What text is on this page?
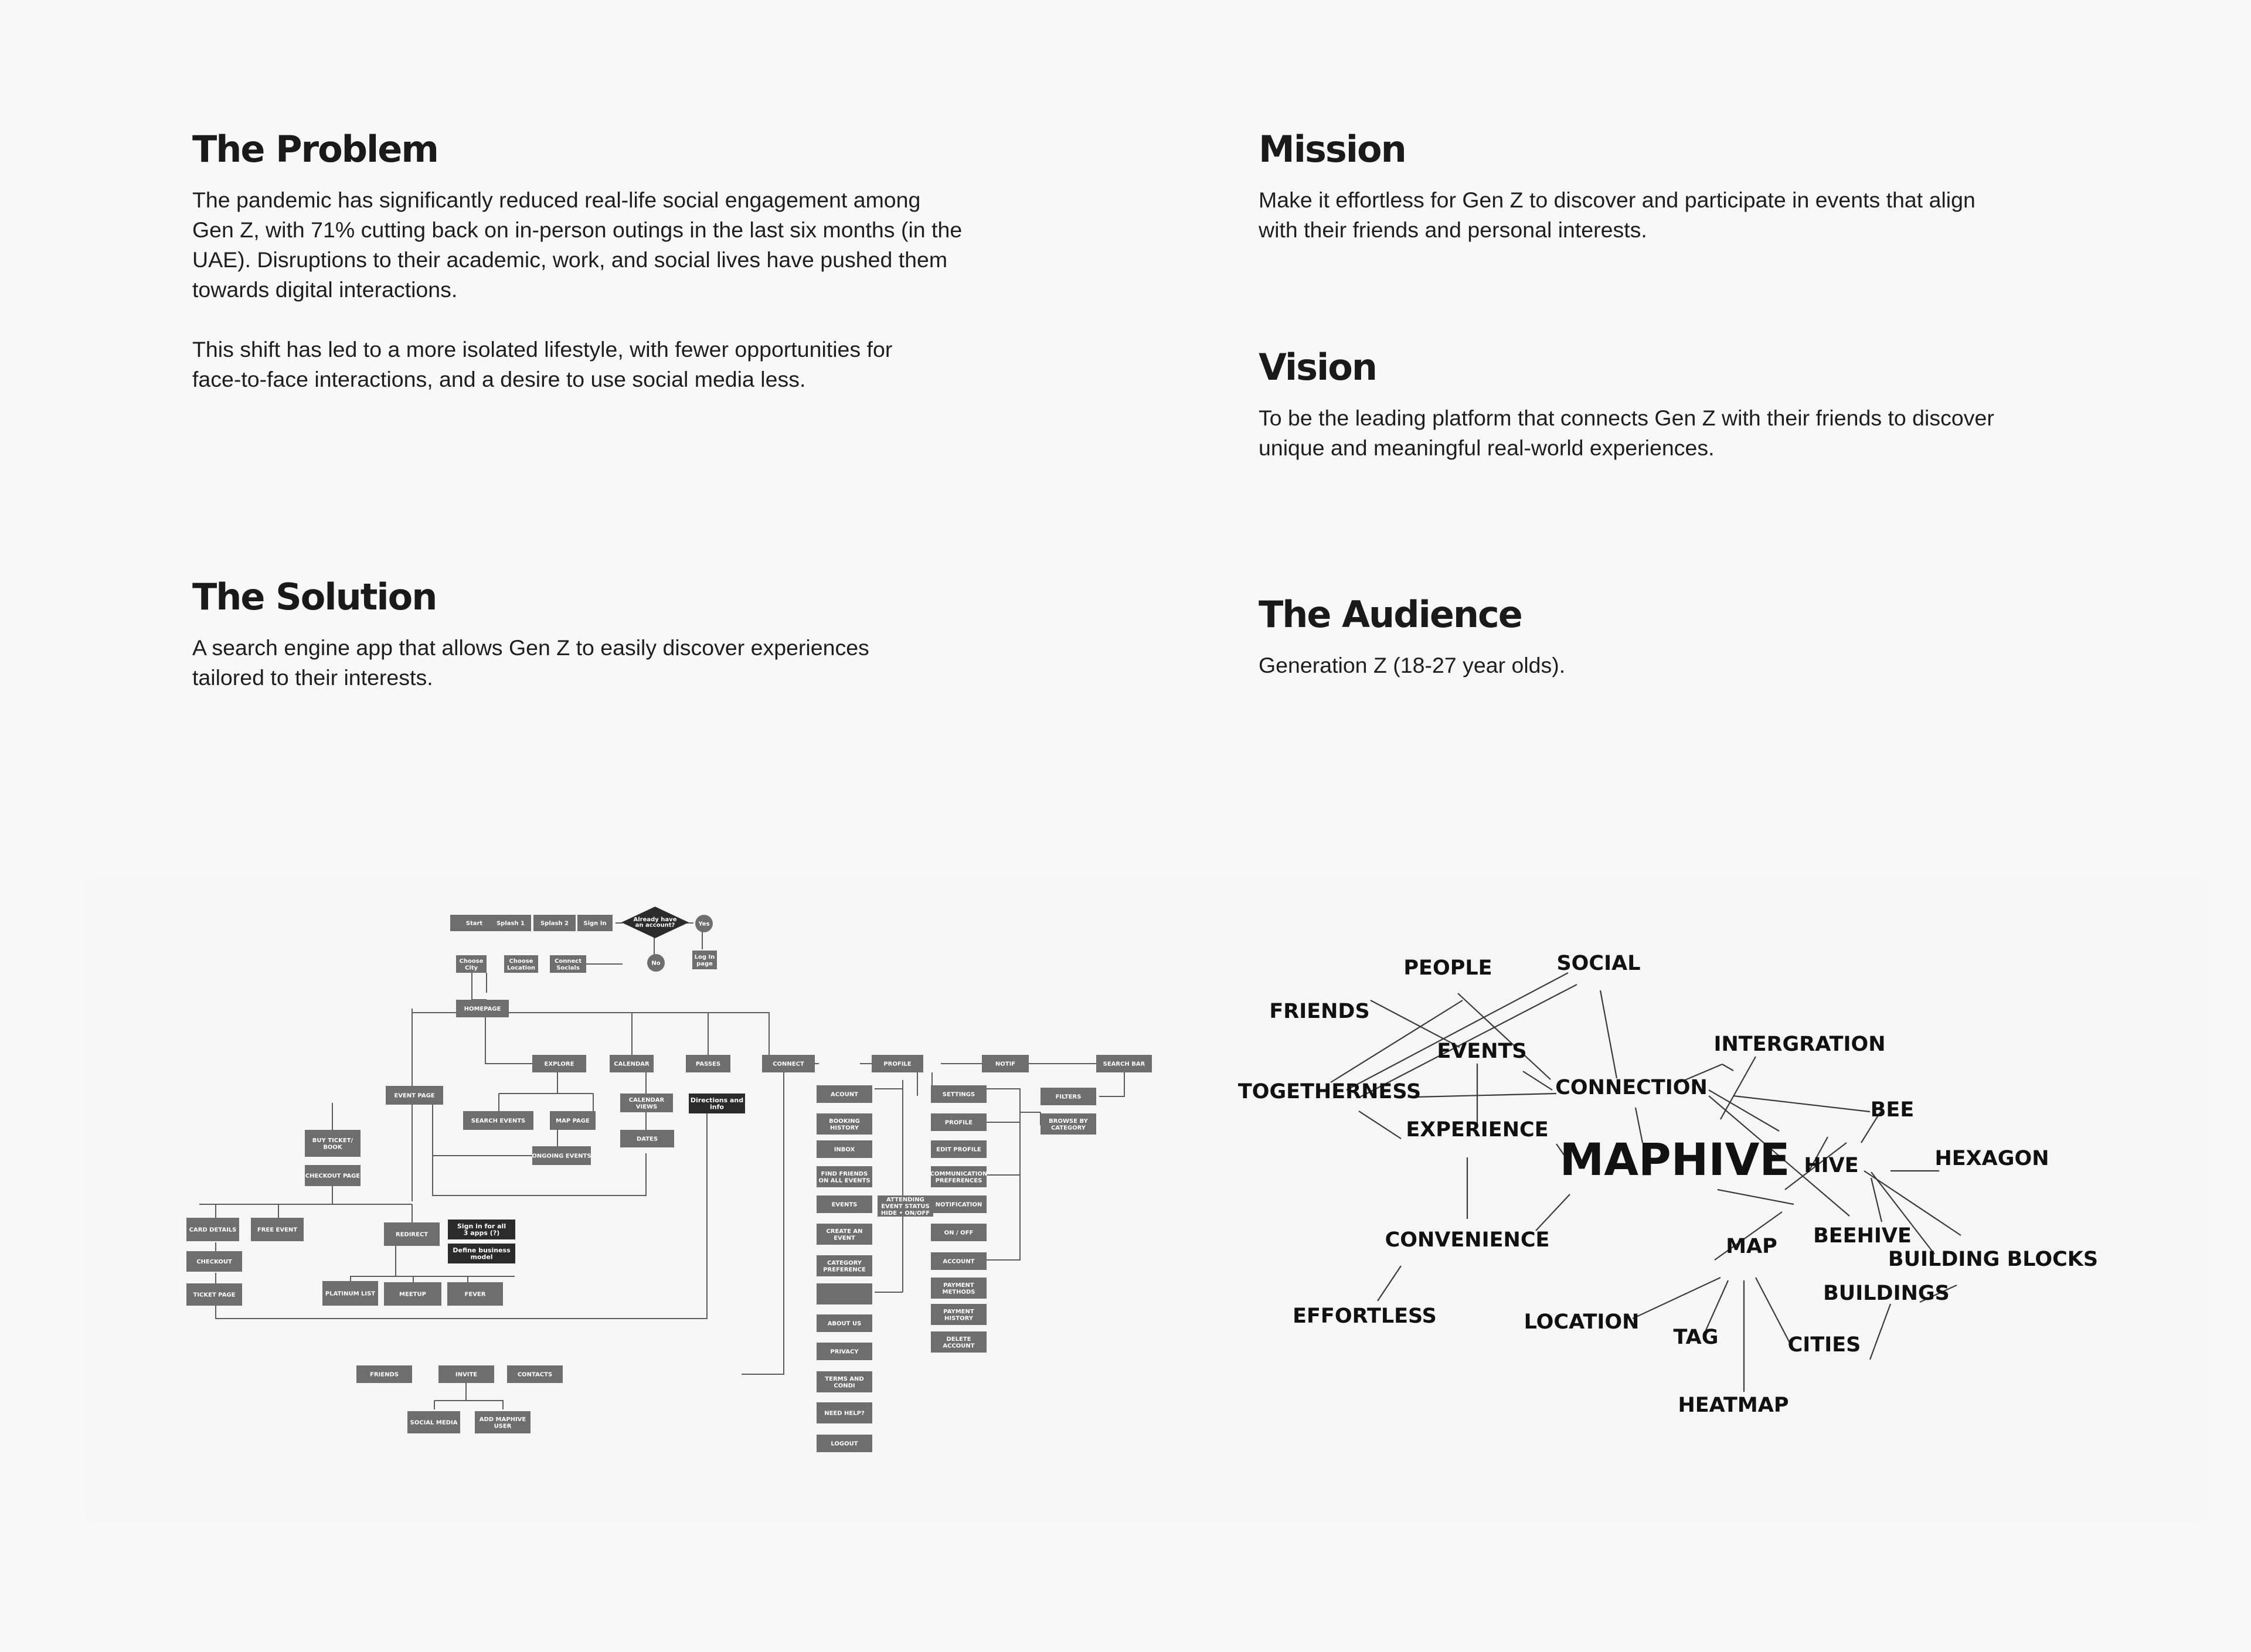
The Problem

The pandemic has significantly reduced real-life social engagement among
Gen Z, with 71% cutting back on in-person outings in the last six months (in the
UAE). Disruptions to their academic, work, and social lives have pushed them
towards digital interactions.

This shift has led to a more isolated lifestyle, with fewer opportunities for
face-to-face interactions, and a desire to use social media less.

The Solution

A search engine app that allows Gen Z to easily discover experiences
tailored to their interests.

Mission

Make it effortless for Gen Z to discover and participate in events that align
with their friends and personal interests.

Vision

To be the leading platform that connects Gen Z with their friends to discover
unique and meaningful real-world experiences.

The Audience

Generation Z (18-27 year olds).

Start Splash 1	Splash 2	Sign In
Already have an account?	Yes
No
Log In page
Choose City
Choose Location
Connect Socials
HOMEPAGE
EXPLORE	CALENDAR	PASSES	CONNECT	PROFILE	NOTIF	SEARCH BAR
EVENT PAGE
SEARCH EVENTS	MAP PAGE
ONGOING EVENTS
CALENDAR VIEWS
DATES
Directions and info
BUY TICKET/ BOOK
CHECKOUT PAGE
CARD DETAILS	FREE EVENT
CHECKOUT
TICKET PAGE
REDIRECT
Sign in for all 3 apps (?)
Define business model
PLATINUM LIST	MEETUP	FEVER
ACOUNT
BOOKING HISTORY
INBOX
FIND FRIENDS ON ALL EVENTS
EVENTS
ATTENDING EVENT STATUS HIDE • ON/OFF
CREATE AN EVENT
CATEGORY PREFERENCE
ABOUT US
PRIVACY
TERMS AND CONDI
NEED HELP?
LOGOUT
SETTINGS
PROFILE
EDIT PROFILE
COMMUNICATION PREFERENCES
NOTIFICATION
ON / OFF
ACCOUNT
PAYMENT METHODS
PAYMENT HISTORY
DELETE ACCOUNT
FILTERS
BROWSE BY CATEGORY
FRIENDS	INVITE	CONTACTS
SOCIAL MEDIA
ADD MAPHIVE USER
MAPHIVE
PEOPLE	SOCIAL
FRIENDS
EVENTS	INTERGRATION
TOGETHERNESS	CONNECTION
BEE
EXPERIENCE
HIVE	HEXAGON
CONVENIENCE	BEEHIVE
MAP
BUILDING BLOCKS
BUILDINGS
EFFORTLESS	LOCATION
TAG	CITIES
HEATMAP
